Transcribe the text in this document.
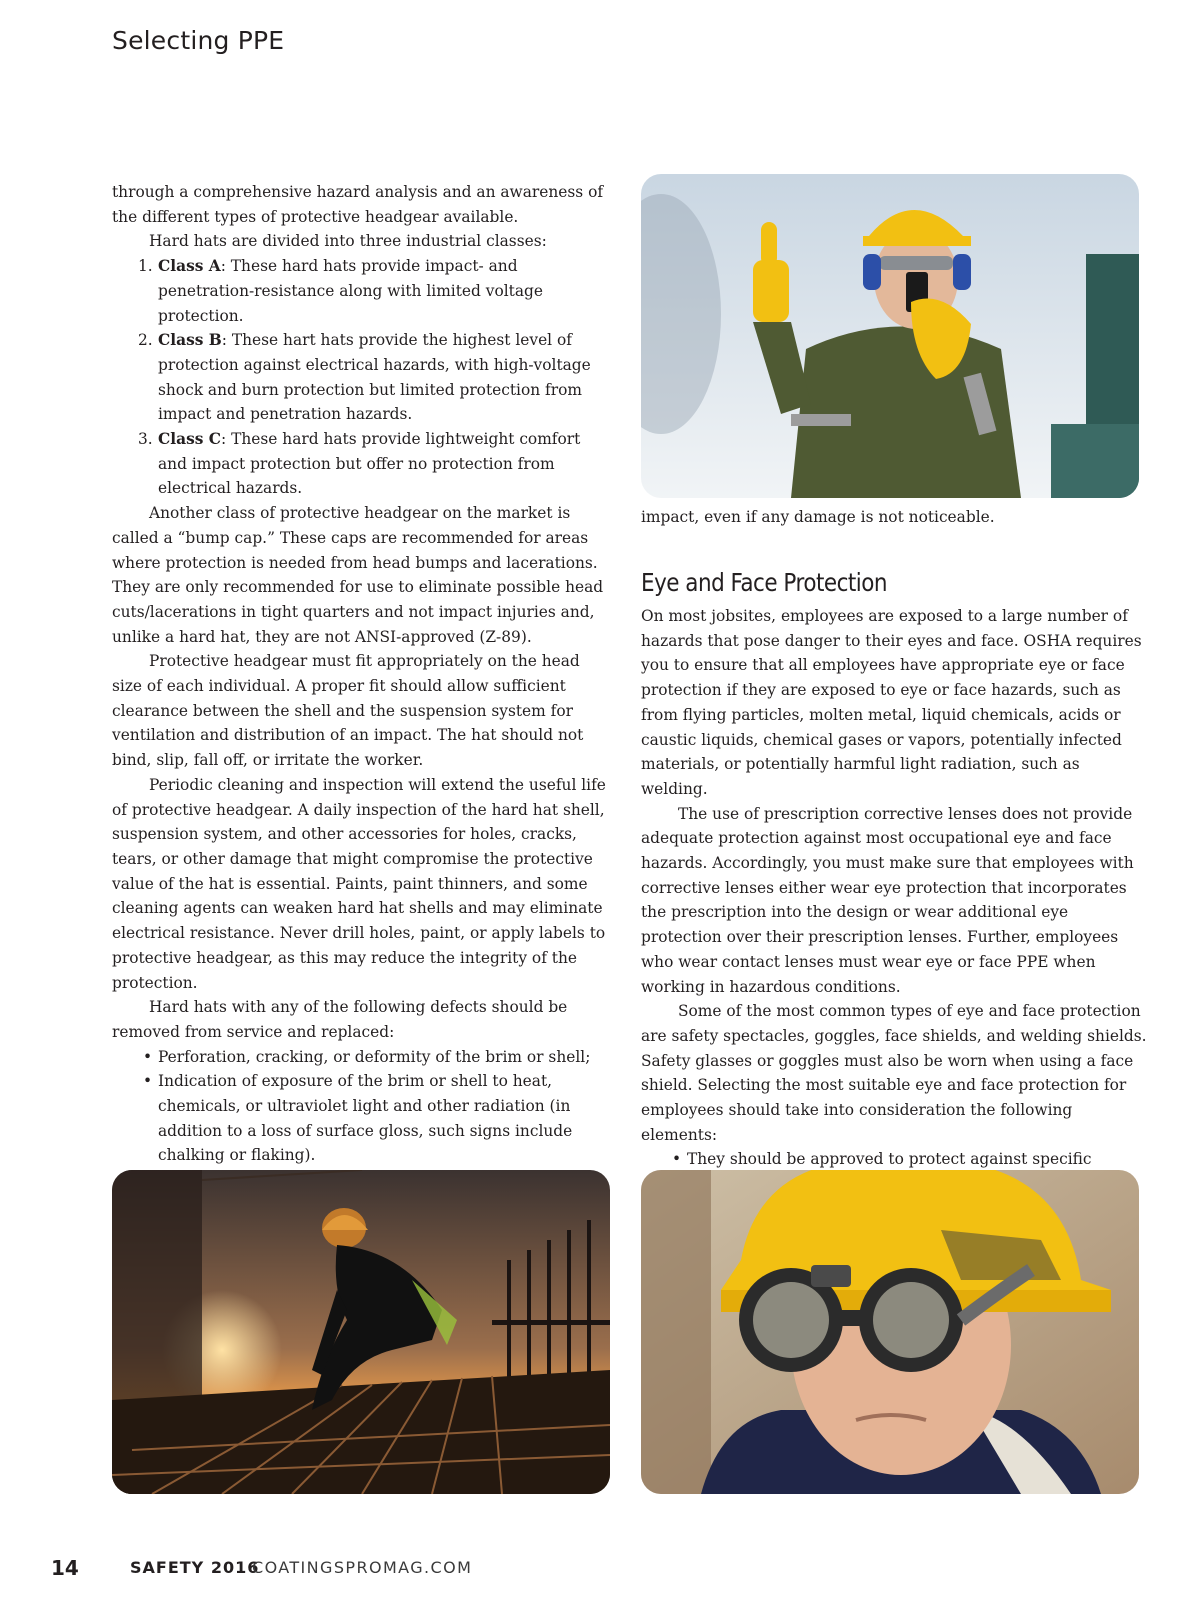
Selecting PPE

through a comprehensive hazard analysis and an awareness of the different types of protective headgear available.

Hard hats are divided into three industrial classes:

1. Class A: These hard hats provide impact- and penetration-resistance along with limited voltage protection.
2. Class B: These hart hats provide the highest level of protection against electrical hazards, with high-voltage shock and burn protection but limited protection from impact and penetration hazards.
3. Class C: These hard hats provide lightweight comfort and impact protection but offer no protection from electrical hazards.

Another class of protective headgear on the market is called a “bump cap.” These caps are recommended for areas where protection is needed from head bumps and lacerations. They are only recommended for use to eliminate possible head cuts/lacerations in tight quarters and not impact injuries and, unlike a hard hat, they are not ANSI-approved (Z-89).

Protective headgear must fit appropriately on the head size of each individual. A proper fit should allow sufficient clearance between the shell and the suspension system for ventilation and distribution of an impact. The hat should not bind, slip, fall off, or irritate the worker.

Periodic cleaning and inspection will extend the useful life of protective headgear. A daily inspection of the hard hat shell, suspension system, and other accessories for holes, cracks, tears, or other damage that might compromise the protective value of the hat is essential. Paints, paint thinners, and some cleaning agents can weaken hard hat shells and may eliminate electrical resistance. Never drill holes, paint, or apply labels to protective headgear, as this may reduce the integrity of the protection.

Hard hats with any of the following defects should be removed from service and replaced:

• Perforation, cracking, or deformity of the brim or shell;
• Indication of exposure of the brim or shell to heat, chemicals, or ultraviolet light and other radiation (in addition to a loss of surface gloss, such signs include chalking or flaking).

impact, even if any damage is not noticeable.

Eye and Face Protection

On most jobsites, employees are exposed to a large number of hazards that pose danger to their eyes and face. OSHA requires you to ensure that all employees have appropriate eye or face protection if they are exposed to eye or face hazards, such as from flying particles, molten metal, liquid chemicals, acids or caustic liquids, chemical gases or vapors, potentially infected materials, or potentially harmful light radiation, such as welding.

The use of prescription corrective lenses does not provide adequate protection against most occupational eye and face hazards. Accordingly, you must make sure that employees with corrective lenses either wear eye protection that incorporates the prescription into the design or wear additional eye protection over their prescription lenses. Further, employees who wear contact lenses must wear eye or face PPE when working in hazardous conditions.

Some of the most common types of eye and face protection are safety spectacles, goggles, face shields, and welding shields. Safety glasses or goggles must also be worn when using a face shield. Selecting the most suitable eye and face protection for employees should take into consideration the following elements:

• They should be approved to protect against specific
14	SAFETY 2016
COATINGSPROMAG.COM
